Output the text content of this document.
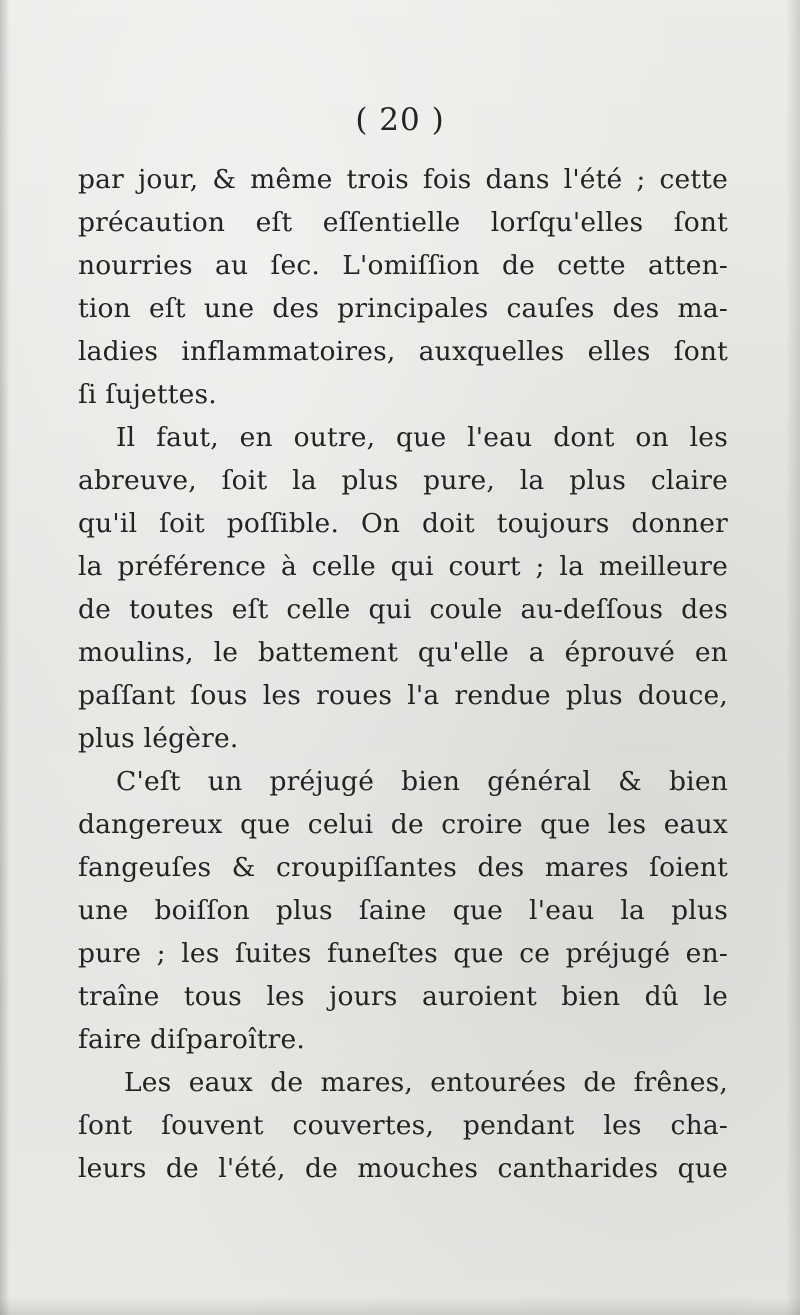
( 20 )
par jour, & même trois fois dans l'été ; cette
précaution eſt eſſentielle lorſqu'elles ſont
nourries au ſec. L'omiſſion de cette atten-
tion eſt une des principales cauſes des ma-
ladies inflammatoires, auxquelles elles ſont
ſi ſujettes.
Il faut, en outre, que l'eau dont on les
abreuve, ſoit la plus pure, la plus claire
qu'il ſoit poſſible. On doit toujours donner
la préférence à celle qui court ; la meilleure
de toutes eſt celle qui coule au-deſſous des
moulins, le battement qu'elle a éprouvé en
paſſant ſous les roues l'a rendue plus douce,
plus légère.
C'eſt un préjugé bien général & bien
dangereux que celui de croire que les eaux
fangeuſes & croupiſſantes des mares ſoient
une boiſſon plus ſaine que l'eau la plus
pure ; les ſuites funeſtes que ce préjugé en-
traîne tous les jours auroient bien dû le
faire diſparoître.
Les eaux de mares, entourées de frênes,
ſont ſouvent couvertes, pendant les cha-
leurs de l'été, de mouches cantharides que
